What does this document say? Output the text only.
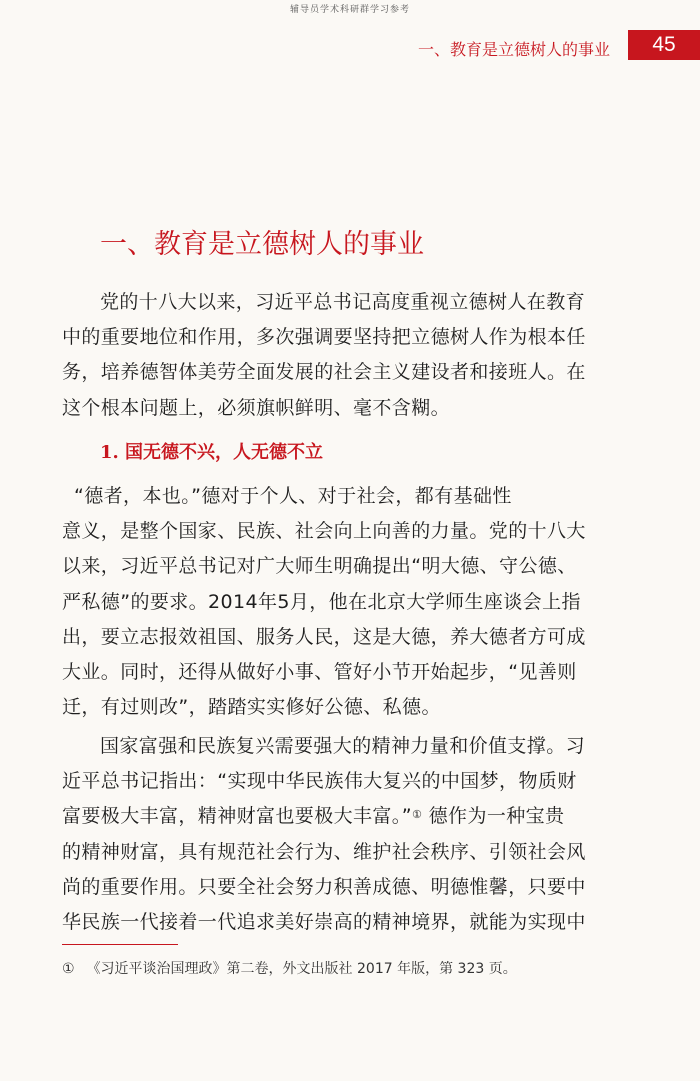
辅导员学术科研群学习参考
一、教育是立德树人的事业	45
一、教育是立德树人的事业
党的十八大以来，习近平总书记高度重视立德树人在教育
中的重要地位和作用，多次强调要坚持把立德树人作为根本任
务，培养德智体美劳全面发展的社会主义建设者和接班人。在
这个根本问题上，必须旗帜鲜明、毫不含糊。
1. 国无德不兴，人无德不立
“德者，本也。”德对于个人、对于社会，都有基础性
意义，是整个国家、民族、社会向上向善的力量。党的十八大
以来，习近平总书记对广大师生明确提出“明大德、守公德、
严私德”的要求。2014年5月，他在北京大学师生座谈会上指
出，要立志报效祖国、服务人民，这是大德，养大德者方可成
大业。同时，还得从做好小事、管好小节开始起步，“见善则
迁，有过则改”，踏踏实实修好公德、私德。
国家富强和民族复兴需要强大的精神力量和价值支撑。习
近平总书记指出：“实现中华民族伟大复兴的中国梦，物质财
富要极大丰富，精神财富也要极大丰富。”① 德作为一种宝贵
的精神财富，具有规范社会行为、维护社会秩序、引领社会风
尚的重要作用。只要全社会努力积善成德、明德惟馨，只要中
华民族一代接着一代追求美好崇高的精神境界，就能为实现中
① 《习近平谈治国理政》第二卷，外文出版社 2017 年版，第 323 页。
